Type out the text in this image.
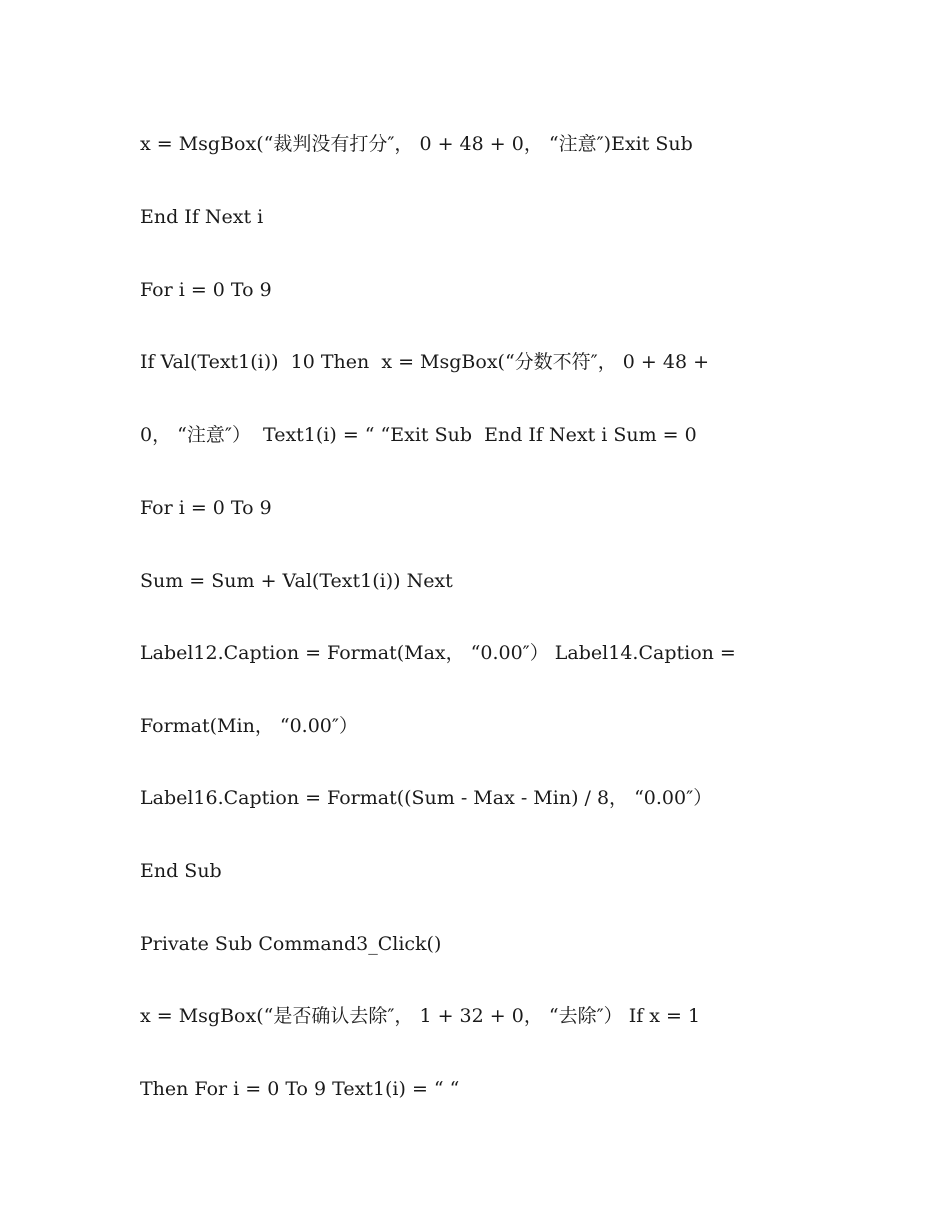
x = MsgBox(“裁判没有打分″， 0 + 48 + 0， “注意″)Exit Sub
End If Next i
For i = 0 To 9
If Val(Text1(i))  10 Then  x = MsgBox(“分数不符″， 0 + 48 +
0， “注意″）  Text1(i) = “ “Exit Sub  End If Next i Sum = 0
For i = 0 To 9
Sum = Sum + Val(Text1(i)) Next
Label12.Caption = Format(Max， “0.00″） Label14.Caption =
Format(Min， “0.00″）
Label16.Caption = Format((Sum - Max - Min) / 8， “0.00″）
End Sub
Private Sub Command3_Click()
x = MsgBox(“是否确认去除″， 1 + 32 + 0， “去除″） If x = 1
Then For i = 0 To 9 Text1(i) = “ “
